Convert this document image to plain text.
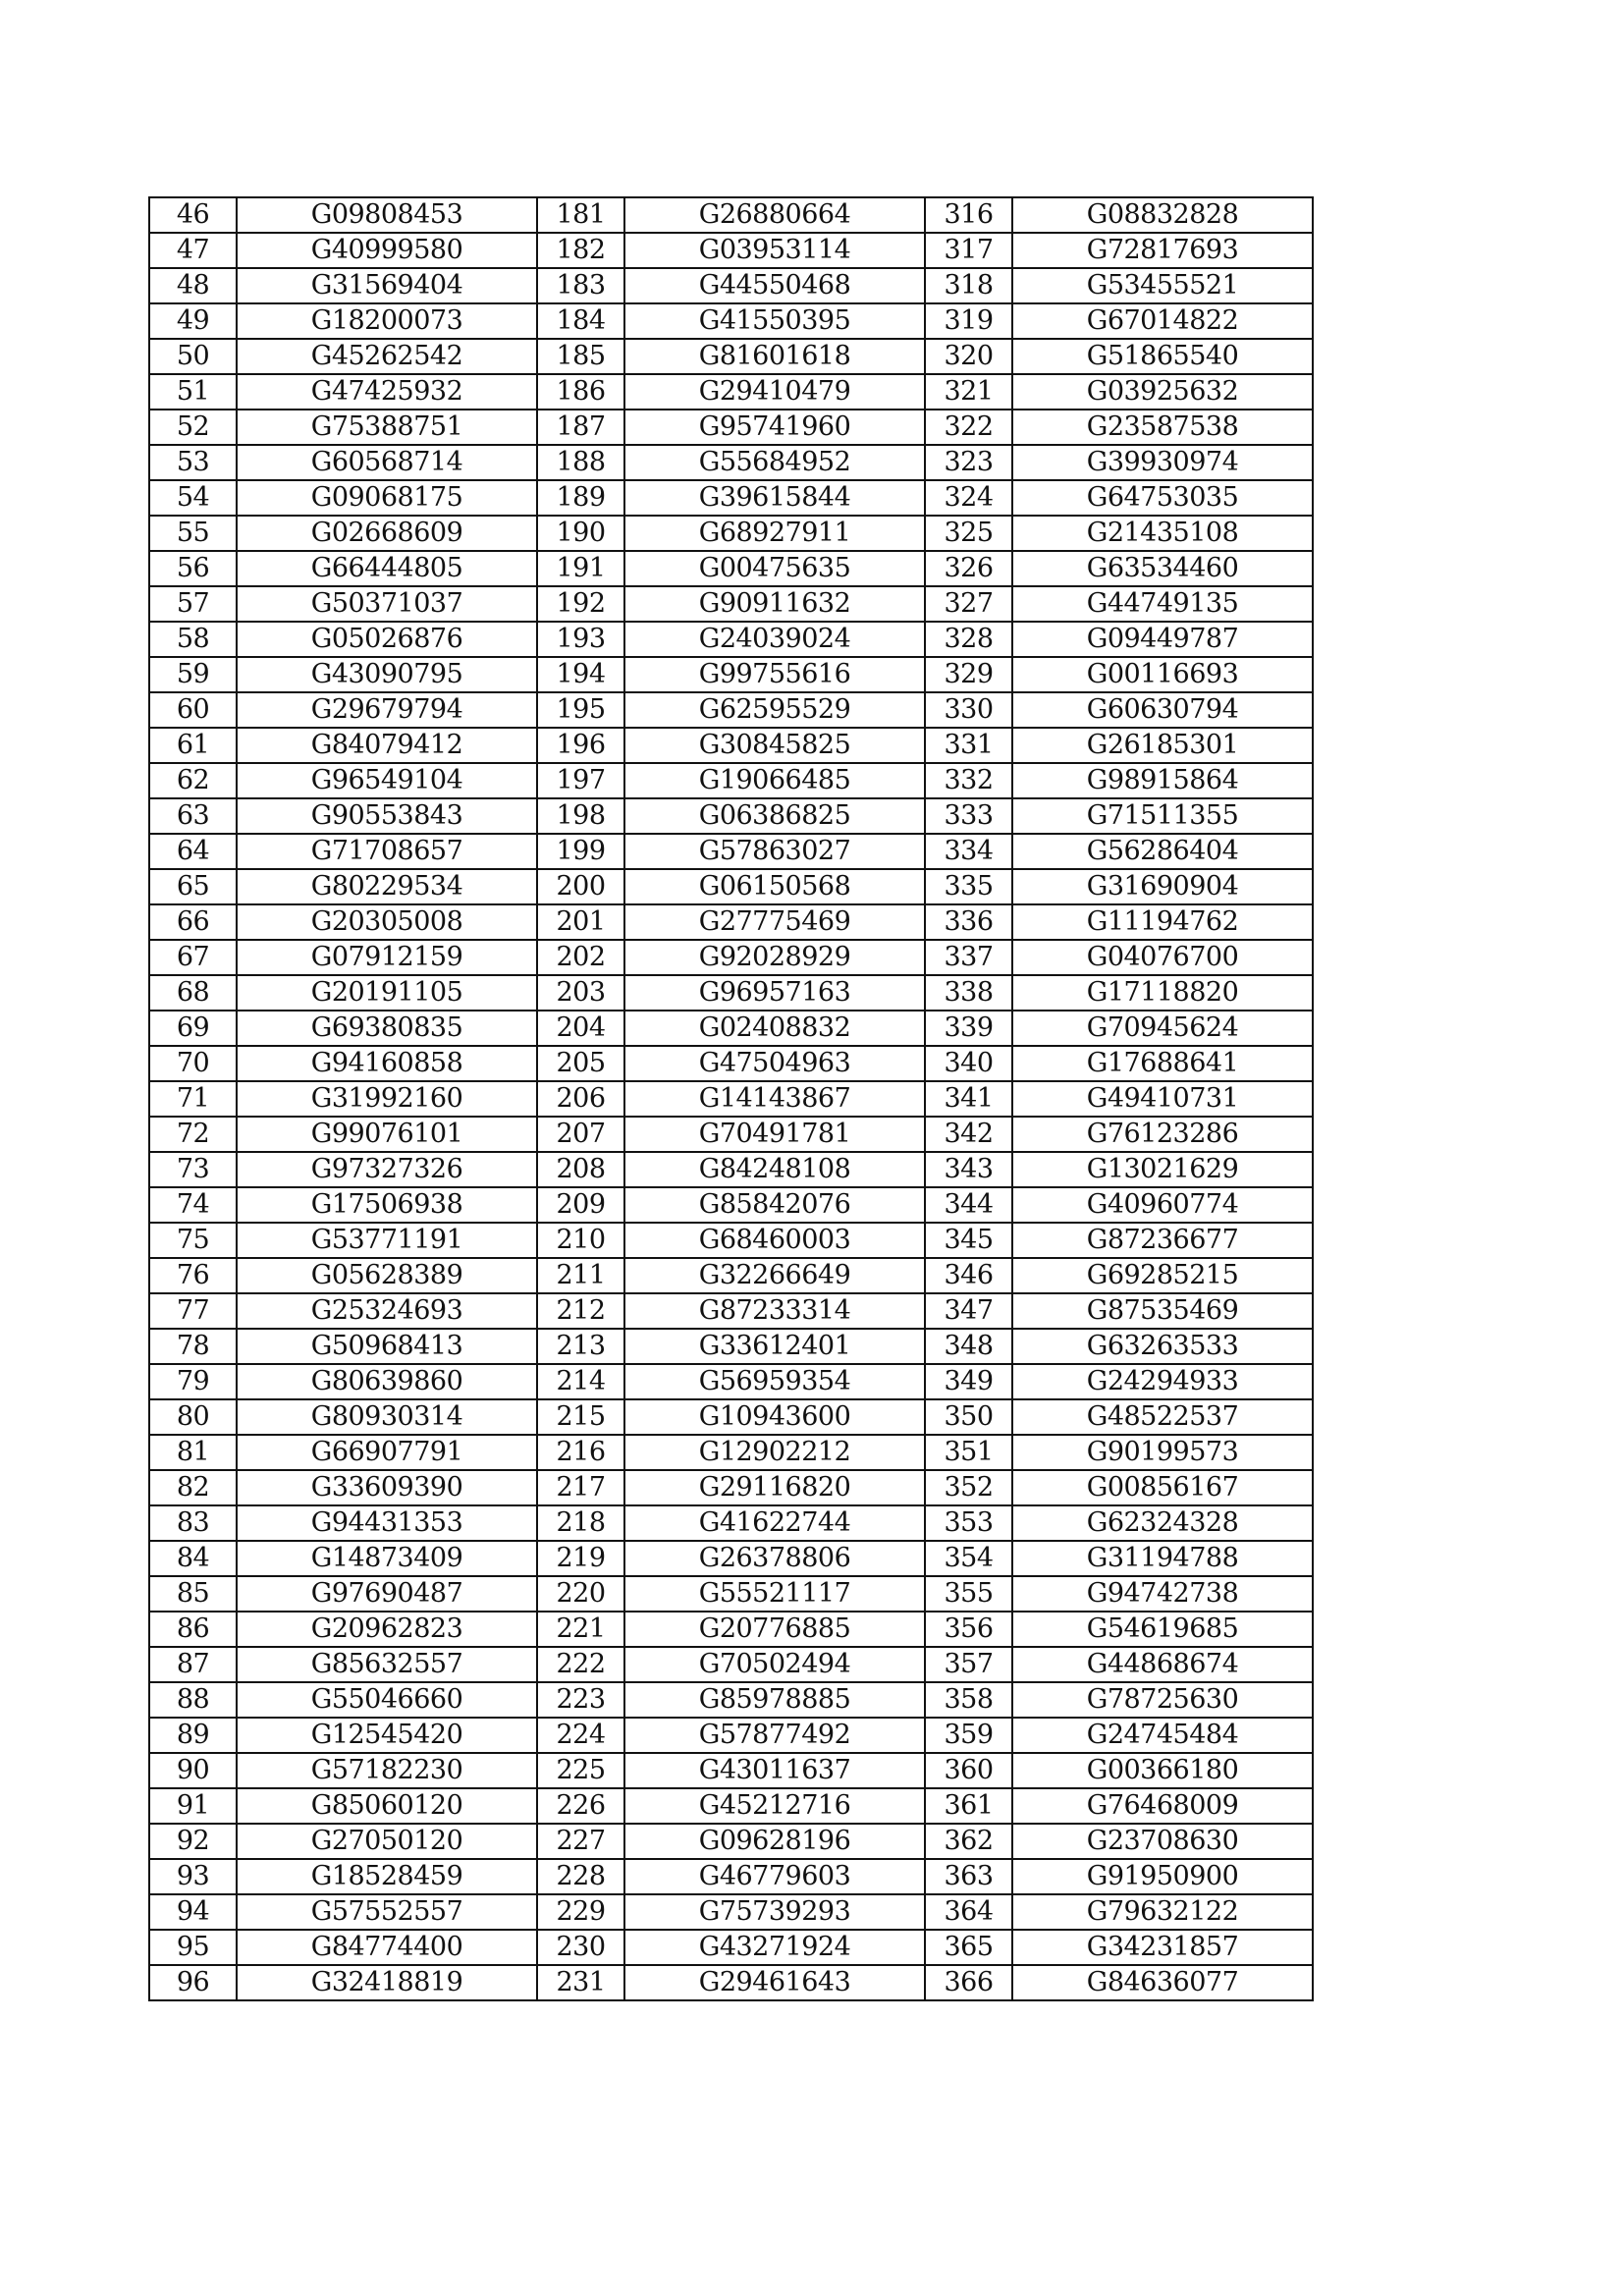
46	G09808453	181	G26880664	316	G08832828
47	G40999580	182	G03953114	317	G72817693
48	G31569404	183	G44550468	318	G53455521
49	G18200073	184	G41550395	319	G67014822
50	G45262542	185	G81601618	320	G51865540
51	G47425932	186	G29410479	321	G03925632
52	G75388751	187	G95741960	322	G23587538
53	G60568714	188	G55684952	323	G39930974
54	G09068175	189	G39615844	324	G64753035
55	G02668609	190	G68927911	325	G21435108
56	G66444805	191	G00475635	326	G63534460
57	G50371037	192	G90911632	327	G44749135
58	G05026876	193	G24039024	328	G09449787
59	G43090795	194	G99755616	329	G00116693
60	G29679794	195	G62595529	330	G60630794
61	G84079412	196	G30845825	331	G26185301
62	G96549104	197	G19066485	332	G98915864
63	G90553843	198	G06386825	333	G71511355
64	G71708657	199	G57863027	334	G56286404
65	G80229534	200	G06150568	335	G31690904
66	G20305008	201	G27775469	336	G11194762
67	G07912159	202	G92028929	337	G04076700
68	G20191105	203	G96957163	338	G17118820
69	G69380835	204	G02408832	339	G70945624
70	G94160858	205	G47504963	340	G17688641
71	G31992160	206	G14143867	341	G49410731
72	G99076101	207	G70491781	342	G76123286
73	G97327326	208	G84248108	343	G13021629
74	G17506938	209	G85842076	344	G40960774
75	G53771191	210	G68460003	345	G87236677
76	G05628389	211	G32266649	346	G69285215
77	G25324693	212	G87233314	347	G87535469
78	G50968413	213	G33612401	348	G63263533
79	G80639860	214	G56959354	349	G24294933
80	G80930314	215	G10943600	350	G48522537
81	G66907791	216	G12902212	351	G90199573
82	G33609390	217	G29116820	352	G00856167
83	G94431353	218	G41622744	353	G62324328
84	G14873409	219	G26378806	354	G31194788
85	G97690487	220	G55521117	355	G94742738
86	G20962823	221	G20776885	356	G54619685
87	G85632557	222	G70502494	357	G44868674
88	G55046660	223	G85978885	358	G78725630
89	G12545420	224	G57877492	359	G24745484
90	G57182230	225	G43011637	360	G00366180
91	G85060120	226	G45212716	361	G76468009
92	G27050120	227	G09628196	362	G23708630
93	G18528459	228	G46779603	363	G91950900
94	G57552557	229	G75739293	364	G79632122
95	G84774400	230	G43271924	365	G34231857
96	G32418819	231	G29461643	366	G84636077
